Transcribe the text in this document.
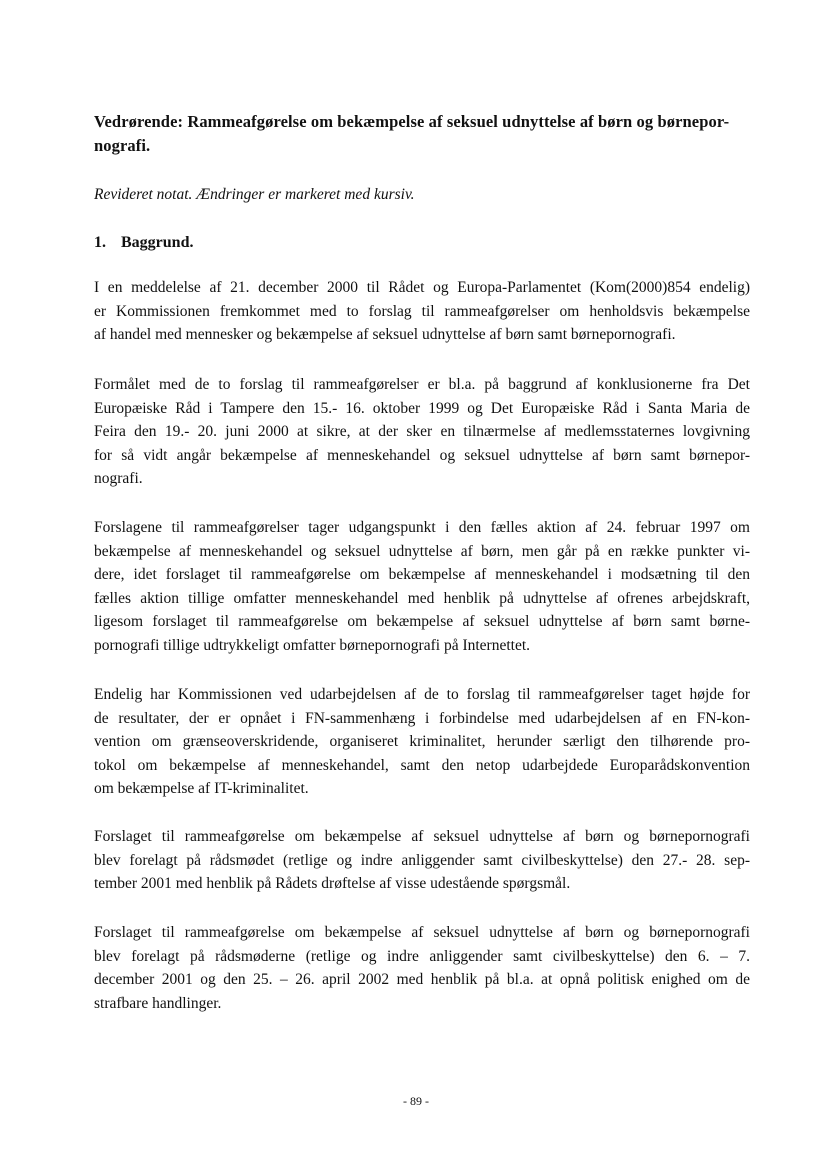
Vedrørende: Rammeafgørelse om bekæmpelse af seksuel udnyttelse af børn og børnepor-
nografi.

Revideret notat. Ændringer er markeret med kursiv.

1. Baggrund.
I en meddelelse af 21. december 2000 til Rådet og Europa-Parlamentet (Kom(2000)854 endelig)
er Kommissionen fremkommet med to forslag til rammeafgørelser om henholdsvis bekæmpelse
af handel med mennesker og bekæmpelse af seksuel udnyttelse af børn samt børnepornografi.
Formålet med de to forslag til rammeafgørelser er bl.a. på baggrund af konklusionerne fra Det
Europæiske Råd i Tampere den 15.- 16. oktober 1999 og Det Europæiske Råd i Santa Maria de
Feira den 19.- 20. juni 2000 at sikre, at der sker en tilnærmelse af medlemsstaternes lovgivning
for så vidt angår bekæmpelse af menneskehandel og seksuel udnyttelse af børn samt børnepor-
nografi.
Forslagene til rammeafgørelser tager udgangspunkt i den fælles aktion af 24. februar 1997 om
bekæmpelse af menneskehandel og seksuel udnyttelse af børn, men går på en række punkter vi-
dere, idet forslaget til rammeafgørelse om bekæmpelse af menneskehandel i modsætning til den
fælles aktion tillige omfatter menneskehandel med henblik på udnyttelse af ofrenes arbejdskraft,
ligesom forslaget til rammeafgørelse om bekæmpelse af seksuel udnyttelse af børn samt børne-
pornografi tillige udtrykkeligt omfatter børnepornografi på Internettet.
Endelig har Kommissionen ved udarbejdelsen af de to forslag til rammeafgørelser taget højde for
de resultater, der er opnået i FN-sammenhæng i forbindelse med udarbejdelsen af en FN-kon-
vention om grænseoverskridende, organiseret kriminalitet, herunder særligt den tilhørende pro-
tokol om bekæmpelse af menneskehandel, samt den netop udarbejdede Europarådskonvention
om bekæmpelse af IT-kriminalitet.
Forslaget til rammeafgørelse om bekæmpelse af seksuel udnyttelse af børn og børnepornografi
blev forelagt på rådsmødet (retlige og indre anliggender samt civilbeskyttelse) den 27.- 28. sep-
tember 2001 med henblik på Rådets drøftelse af visse udestående spørgsmål.
Forslaget til rammeafgørelse om bekæmpelse af seksuel udnyttelse af børn og børnepornografi
blev forelagt på rådsmøderne (retlige og indre anliggender samt civilbeskyttelse) den 6. – 7.
december 2001 og den 25. – 26. april 2002 med henblik på bl.a. at opnå politisk enighed om de
strafbare handlinger.
- 89 -
